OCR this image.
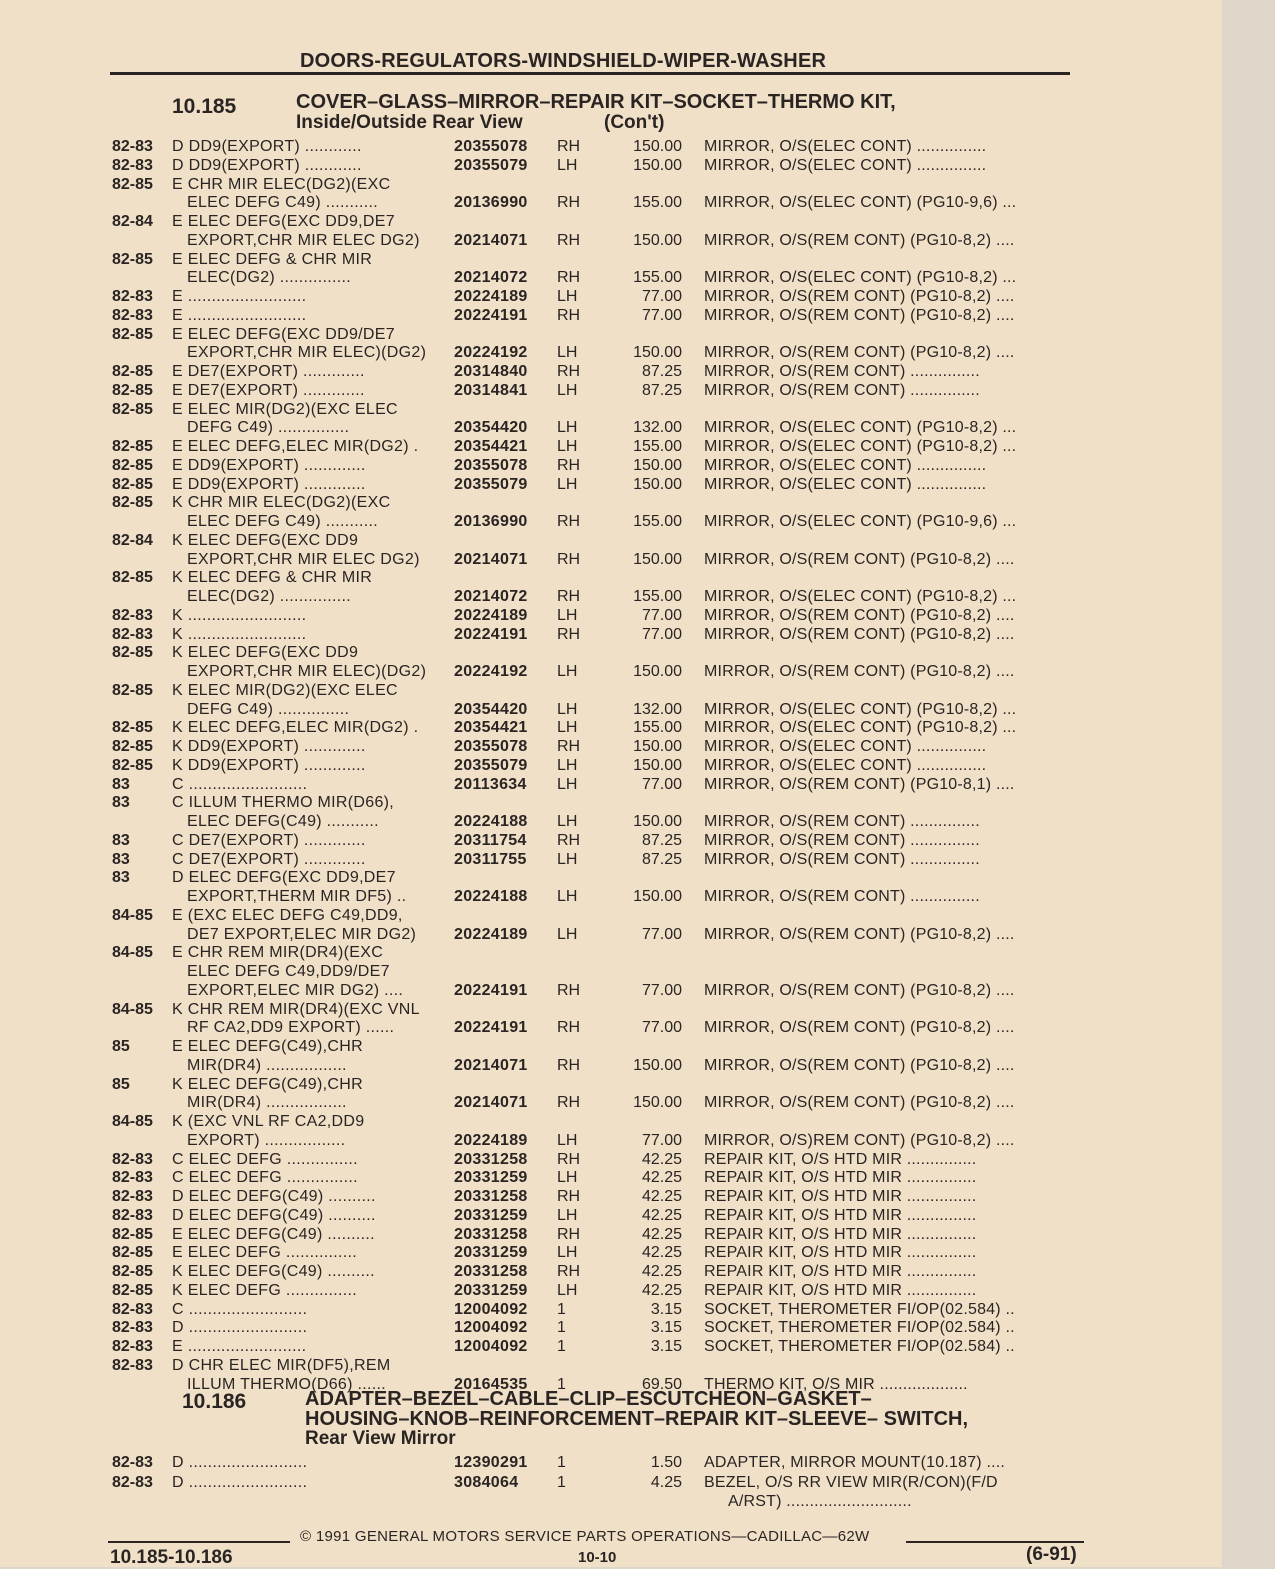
DOORS-REGULATORS-WINDSHIELD-WIPER-WASHER
10.185	COVER–GLASS–MIRROR–REPAIR KIT–SOCKET–THERMO KIT,
Inside/Outside Rear View	(Con't)
82-83 D DD9(EXPORT) ............	20355078 RH	150.00 MIRROR, O/S(ELEC CONT) ...............
82-83 D DD9(EXPORT) ............	20355079 LH	150.00 MIRROR, O/S(ELEC CONT) ...............
82-85 E CHR MIR ELEC(DG2)(EXC
ELEC DEFG C49) ...........	20136990 RH	155.00 MIRROR, O/S(ELEC CONT) (PG10-9,6) ...
82-84 E ELEC DEFG(EXC DD9,DE7
EXPORT,CHR MIR ELEC DG2)	20214071 RH	150.00 MIRROR, O/S(REM CONT) (PG10-8,2) ....
82-85 E ELEC DEFG & CHR MIR
ELEC(DG2) ...............	20214072 RH	155.00 MIRROR, O/S(ELEC CONT) (PG10-8,2) ...
82-83 E .........................	20224189 LH	77.00 MIRROR, O/S(REM CONT) (PG10-8,2) ....
82-83 E .........................	20224191 RH	77.00 MIRROR, O/S(REM CONT) (PG10-8,2) ....
82-85 E ELEC DEFG(EXC DD9/DE7
EXPORT,CHR MIR ELEC)(DG2)	20224192 LH	150.00 MIRROR, O/S(REM CONT) (PG10-8,2) ....
82-85 E DE7(EXPORT) .............	20314840 RH	87.25 MIRROR, O/S(REM CONT) ...............
82-85 E DE7(EXPORT) .............	20314841 LH	87.25 MIRROR, O/S(REM CONT) ...............
82-85 E ELEC MIR(DG2)(EXC ELEC
DEFG C49) ...............	20354420 LH	132.00 MIRROR, O/S(ELEC CONT) (PG10-8,2) ...
82-85 E ELEC DEFG,ELEC MIR(DG2) .	20354421 LH	155.00 MIRROR, O/S(ELEC CONT) (PG10-8,2) ...
82-85 E DD9(EXPORT) .............	20355078 RH	150.00 MIRROR, O/S(ELEC CONT) ...............
82-85 E DD9(EXPORT) .............	20355079 LH	150.00 MIRROR, O/S(ELEC CONT) ...............
82-85 K CHR MIR ELEC(DG2)(EXC
ELEC DEFG C49) ...........	20136990 RH	155.00 MIRROR, O/S(ELEC CONT) (PG10-9,6) ...
82-84 K ELEC DEFG(EXC DD9
EXPORT,CHR MIR ELEC DG2)	20214071 RH	150.00 MIRROR, O/S(REM CONT) (PG10-8,2) ....
82-85 K ELEC DEFG & CHR MIR
ELEC(DG2) ...............	20214072 RH	155.00 MIRROR, O/S(ELEC CONT) (PG10-8,2) ...
82-83 K .........................	20224189 LH	77.00 MIRROR, O/S(REM CONT) (PG10-8,2) ....
82-83 K .........................	20224191 RH	77.00 MIRROR, O/S(REM CONT) (PG10-8,2) ....
82-85 K ELEC DEFG(EXC DD9
EXPORT,CHR MIR ELEC)(DG2)	20224192 LH	150.00 MIRROR, O/S(REM CONT) (PG10-8,2) ....
82-85 K ELEC MIR(DG2)(EXC ELEC
DEFG C49) ...............	20354420 LH	132.00 MIRROR, O/S(ELEC CONT) (PG10-8,2) ...
82-85 K ELEC DEFG,ELEC MIR(DG2) .	20354421 LH	155.00 MIRROR, O/S(ELEC CONT) (PG10-8,2) ...
82-85 K DD9(EXPORT) .............	20355078 RH	150.00 MIRROR, O/S(ELEC CONT) ...............
82-85 K DD9(EXPORT) .............	20355079 LH	150.00 MIRROR, O/S(ELEC CONT) ...............
83	C .........................	20113634 LH	77.00 MIRROR, O/S(REM CONT) (PG10-8,1) ....
83	C ILLUM THERMO MIR(D66),
ELEC DEFG(C49) ...........	20224188 LH	150.00 MIRROR, O/S(REM CONT) ...............
83	C DE7(EXPORT) .............	20311754 RH	87.25 MIRROR, O/S(REM CONT) ...............
83	C DE7(EXPORT) .............	20311755 LH	87.25 MIRROR, O/S(REM CONT) ...............
83	D ELEC DEFG(EXC DD9,DE7
EXPORT,THERM MIR DF5) ..	20224188 LH	150.00 MIRROR, O/S(REM CONT) ...............
84-85 E (EXC ELEC DEFG C49,DD9,
DE7 EXPORT,ELEC MIR DG2)	20224189 LH	77.00 MIRROR, O/S(REM CONT) (PG10-8,2) ....
84-85 E CHR REM MIR(DR4)(EXC
ELEC DEFG C49,DD9/DE7
EXPORT,ELEC MIR DG2) ....	20224191 RH	77.00 MIRROR, O/S(REM CONT) (PG10-8,2) ....
84-85 K CHR REM MIR(DR4)(EXC VNL
RF CA2,DD9 EXPORT) ......	20224191 RH	77.00 MIRROR, O/S(REM CONT) (PG10-8,2) ....
85	E ELEC DEFG(C49),CHR
MIR(DR4) .................	20214071 RH	150.00 MIRROR, O/S(REM CONT) (PG10-8,2) ....
85	K ELEC DEFG(C49),CHR
MIR(DR4) .................	20214071 RH	150.00 MIRROR, O/S(REM CONT) (PG10-8,2) ....
84-85 K (EXC VNL RF CA2,DD9
EXPORT) .................	20224189 LH	77.00 MIRROR, O/S)REM CONT) (PG10-8,2) ....
82-83 C ELEC DEFG ...............	20331258 RH	42.25 REPAIR KIT, O/S HTD MIR ...............
82-83 C ELEC DEFG ...............	20331259 LH	42.25 REPAIR KIT, O/S HTD MIR ...............
82-83 D ELEC DEFG(C49) ..........	20331258 RH	42.25 REPAIR KIT, O/S HTD MIR ...............
82-83 D ELEC DEFG(C49) ..........	20331259 LH	42.25 REPAIR KIT, O/S HTD MIR ...............
82-85 E ELEC DEFG(C49) ..........	20331258 RH	42.25 REPAIR KIT, O/S HTD MIR ...............
82-85 E ELEC DEFG ...............	20331259 LH	42.25 REPAIR KIT, O/S HTD MIR ...............
82-85 K ELEC DEFG(C49) ..........	20331258 RH	42.25 REPAIR KIT, O/S HTD MIR ...............
82-85 K ELEC DEFG ...............	20331259 LH	42.25 REPAIR KIT, O/S HTD MIR ...............
82-83 C .........................	12004092 1	3.15 SOCKET, THEROMETER FI/OP(02.584) ..
82-83 D .........................	12004092 1	3.15 SOCKET, THEROMETER FI/OP(02.584) ..
82-83 E .........................	12004092 1	3.15 SOCKET, THEROMETER FI/OP(02.584) ..
82-83 D CHR ELEC MIR(DF5),REM
ILLUM THERMO(D66) ......	20164535 1	69.50 THERMO KIT, O/S MIR ...................
10.186	ADAPTER–BEZEL–CABLE–CLIP–ESCUTCHEON–GASKET–
HOUSING–KNOB–REINFORCEMENT–REPAIR KIT–SLEEVE– SWITCH,
Rear View Mirror
82-83 D .........................	12390291 1	1.50 ADAPTER, MIRROR MOUNT(10.187) ....
82-83 D .........................	3084064 1	4.25 BEZEL, O/S RR VIEW MIR(R/CON)(F/D
A/RST) ...........................
© 1991 GENERAL MOTORS SERVICE PARTS OPERATIONS—CADILLAC—62W
10.185-10.186	10-10	(6-91)
